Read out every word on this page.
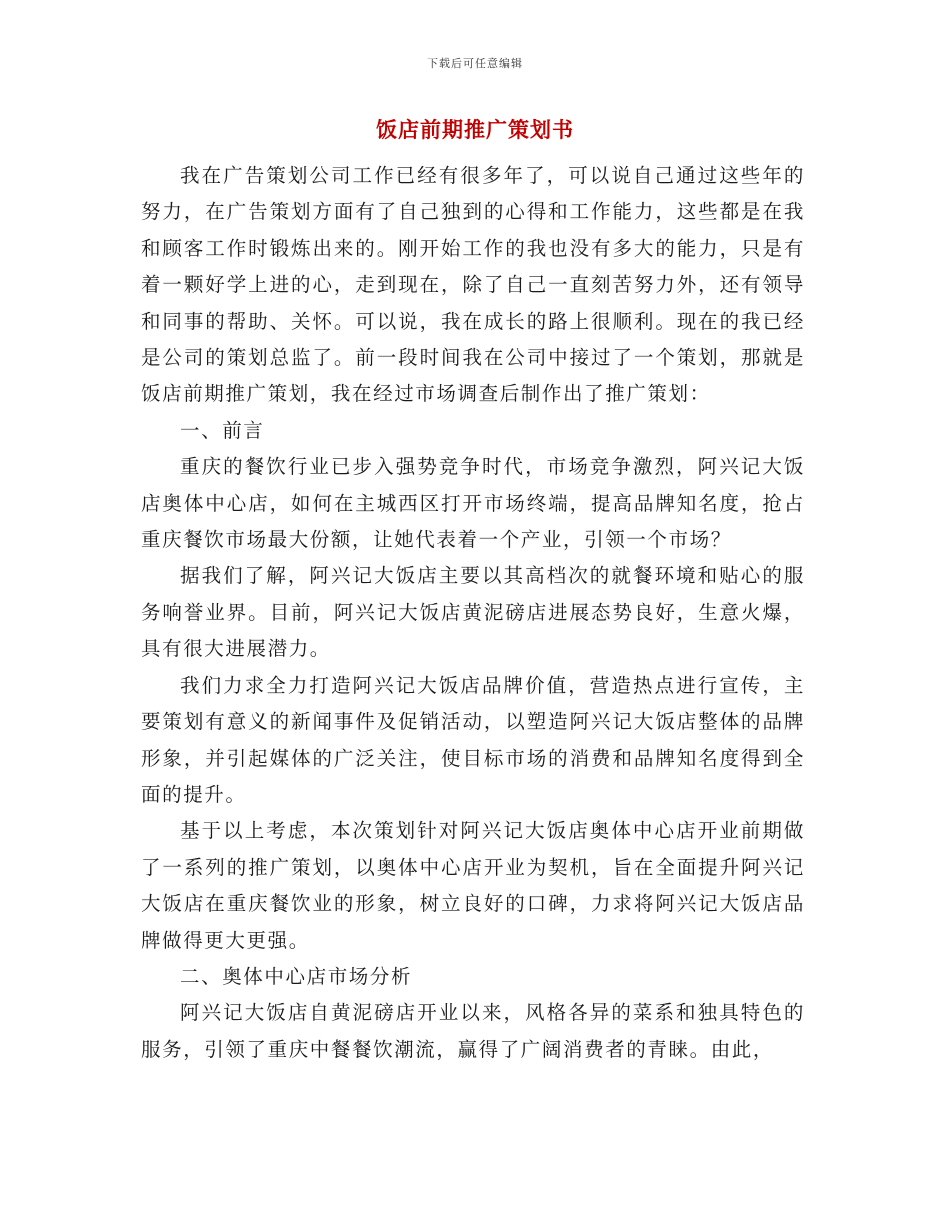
下载后可任意编辑
饭店前期推广策划书

我在广告策划公司工作已经有很多年了，可以说自己通过这些年的努力，在广告策划方面有了自己独到的心得和工作能力，这些都是在我和顾客工作时锻炼出来的。刚开始工作的我也没有多大的能力，只是有着一颗好学上进的心，走到现在，除了自己一直刻苦努力外，还有领导和同事的帮助、关怀。可以说，我在成长的路上很顺利。现在的我已经是公司的策划总监了。前一段时间我在公司中接过了一个策划，那就是饭店前期推广策划，我在经过市场调查后制作出了推广策划：

一、前言

重庆的餐饮行业已步入强势竞争时代，市场竞争激烈，阿兴记大饭店奥体中心店，如何在主城西区打开市场终端，提高品牌知名度，抢占重庆餐饮市场最大份额，让她代表着一个产业，引领一个市场？

据我们了解，阿兴记大饭店主要以其高档次的就餐环境和贴心的服务响誉业界。目前，阿兴记大饭店黄泥磅店进展态势良好，生意火爆，具有很大进展潜力。

我们力求全力打造阿兴记大饭店品牌价值，营造热点进行宣传，主要策划有意义的新闻事件及促销活动，以塑造阿兴记大饭店整体的品牌形象，并引起媒体的广泛关注，使目标市场的消费和品牌知名度得到全面的提升。

基于以上考虑，本次策划针对阿兴记大饭店奥体中心店开业前期做了一系列的推广策划，以奥体中心店开业为契机，旨在全面提升阿兴记大饭店在重庆餐饮业的形象，树立良好的口碑，力求将阿兴记大饭店品牌做得更大更强。

二、奥体中心店市场分析

阿兴记大饭店自黄泥磅店开业以来，风格各异的菜系和独具特色的服务，引领了重庆中餐餐饮潮流，赢得了广阔消费者的青睐。由此，
